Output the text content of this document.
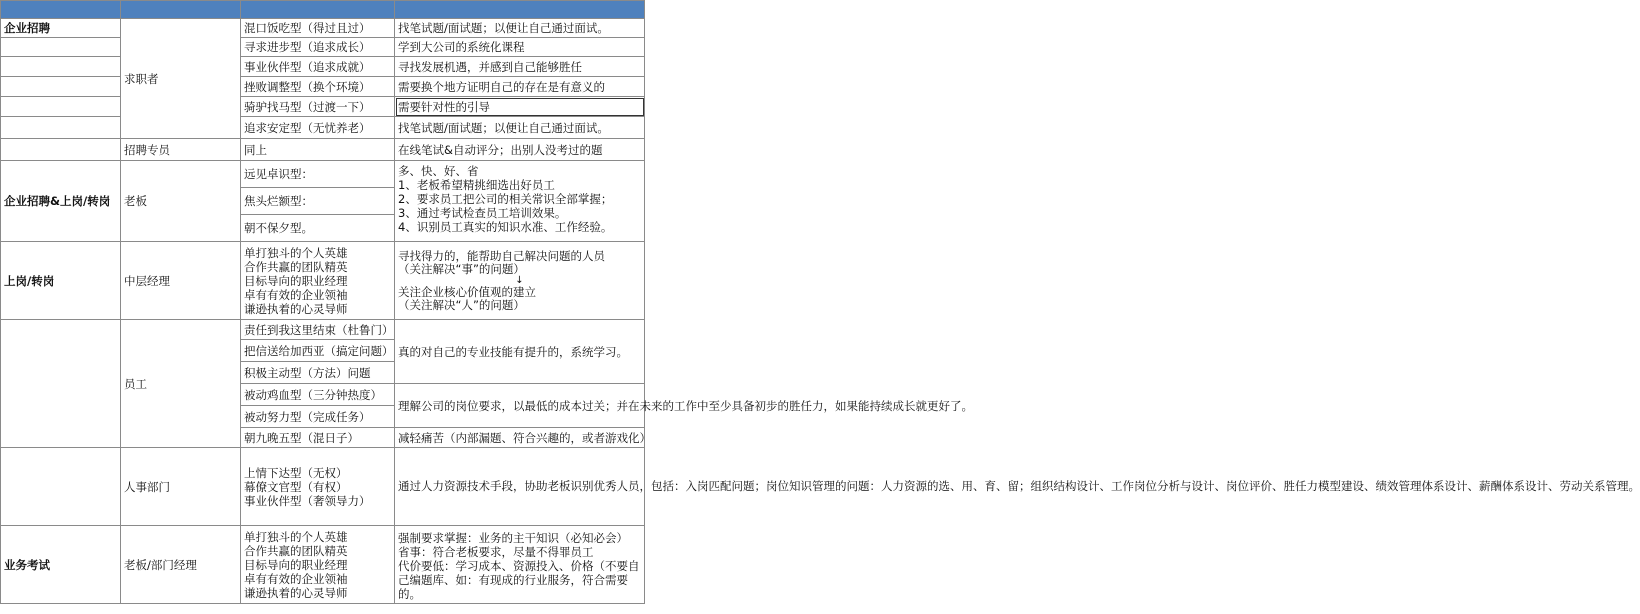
企业招聘	求职者	混口饭吃型（得过且过）	找笔试题/面试题；以便让自己通过面试。
		寻求进步型（追求成长）	学到大公司的系统化课程
		事业伙伴型（追求成就）	寻找发展机遇，并感到自己能够胜任
		挫败调整型（换个环境）	需要换个地方证明自己的存在是有意义的
		骑驴找马型（过渡一下）	需要针对性的引导
		追求安定型（无忧养老）	找笔试题/面试题；以便让自己通过面试。
	招聘专员	同上	在线笔试&自动评分；出别人没考过的题
企业招聘&上岗/转岗	老板	远见卓识型：	多、快、好、省
1、老板希望精挑细选出好员工
2、要求员工把公司的相关常识全部掌握；
3、通过考试检查员工培训效果。
4、识别员工真实的知识水准、工作经验。

		焦头烂额型：	
		朝不保夕型。	
上岗/转岗	中层经理	单打独斗的个人英雄
合作共赢的团队精英
目标导向的职业经理
卓有有效的企业领袖
谦逊执着的心灵导师	寻找得力的，能帮助自己解决问题的人员
（关注解决“事”的问题）
↓
关注企业核心价值观的建立
（关注解决“人”的问题）

	员工	责任到我这里结束（杜鲁门）	真的对自己的专业技能有提升的，系统学习。
		把信送给加西亚（搞定问题）	
		积极主动型（方法）问题	
		被动鸡血型（三分钟热度）	理解公司的岗位要求，以最低的成本过关；并在未来的工作中至少具备初步的胜任力，如果能持续成长就更好了。
		被动努力型（完成任务）	
		朝九晚五型（混日子）	减轻痛苦（内部漏题、符合兴趣的，或者游戏化）
	人事部门	上情下达型（无权）
幕僚文官型（有权）
事业伙伴型（奢领导力）	通过人力资源技术手段，协助老板识别优秀人员，包括：入岗匹配问题；岗位知识管理的问题：人力资源的选、用、育、留；组织结构设计、工作岗位分析与设计、岗位评价、胜任力模型建设、绩效管理体系设计、薪酬体系设计、劳动关系管理。
业务考试	老板/部门经理	单打独斗的个人英雄
合作共赢的团队精英
目标导向的职业经理
卓有有效的企业领袖
谦逊执着的心灵导师	强制要求掌握：业务的主干知识（必知必会）
省事：符合老板要求，尽量不得罪员工
代价要低：学习成本、资源投入、价格（不要自己编题库、如：有现成的行业服务，符合需要的。
